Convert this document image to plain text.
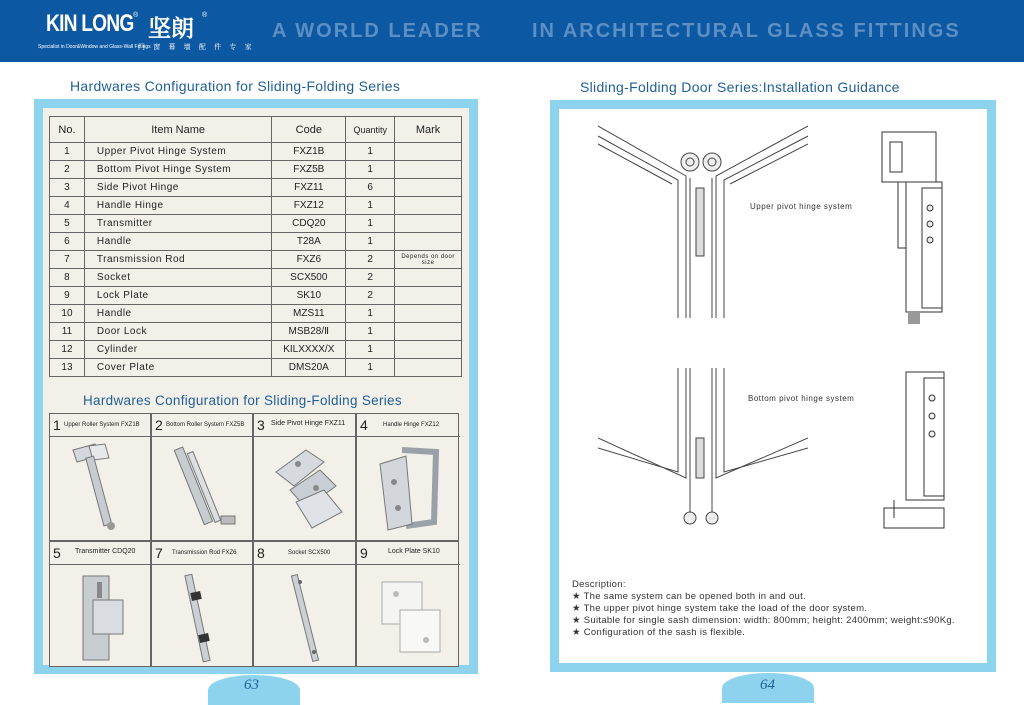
KIN LONG ®
坚朗
®
Specialist in Door&Window and Glass-Wall Fittings
门 窗 幕 墙 配 件 专 家
A WORLD LEADER IN ARCHITECTURAL GLASS FITTINGS
Hardwares Configuration for Sliding-Folding Series
No.	Item Name	Code	Quantity	Mark
1	Upper Pivot Hinge System	FXZ1B	1	
2	Bottom Pivot Hinge System	FXZ5B	1	
3	Side Pivot Hinge	FXZ11	6	
4	Handle Hinge	FXZ12	1	
5	Transmitter	CDQ20	1	
6	Handle	T28A	1	
7	Transmission Rod	FXZ6	2	Depends on door size
8	Socket	SCX500	2	
9	Lock Plate	SK10	2	
10	Handle	MZS11	1	
11	Door Lock	MSB28/Ⅱ	1	
12	Cylinder	KILXXXX/X	1	
13	Cover Plate	DMS20A	1	
Hardwares Configuration for Sliding-Folding Series
1 Upper Roller System FXZ1B 2 Bottom Roller System FXZ5B 3 Side Pivot Hinge FXZ11 4	Handle Hinge FXZ12
5 Transmitter CDQ20 7 Transmission Rod FXZ6 8	Socket SCX500 9	Lock Plate SK10
63
Sliding-Folding Door Series:Installation Guidance
Upper pivot hinge system
Bottom pivot hinge system
Description:
★ The same system can be opened both in and out.
★ The upper pivot hinge system take the load of the door system.
★ Suitable for single sash dimension: width: 800mm; height: 2400mm; weight:≤90Kg.
★ Configuration of the sash is flexible.
64
